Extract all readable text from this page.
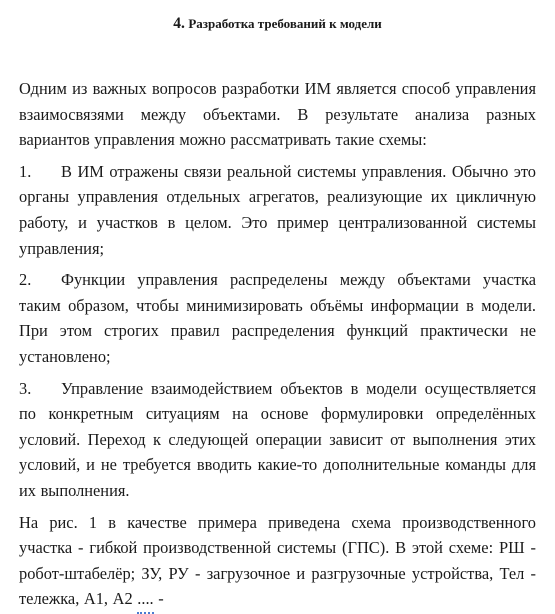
4. Разработка требований к модели

Одним из важных вопросов разработки ИМ является способ управления взаимосвязями между объектами. В результате анализа разных вариантов управления можно рассматривать такие схемы:

1. В ИМ отражены связи реальной системы управления. Обычно это органы управления отдельных агрегатов, реализующие их цикличную работу, и участков в целом. Это пример централизованной системы управления;

2. Функции управления распределены между объектами участка таким образом, чтобы минимизировать объёмы информации в модели. При этом строгих правил распределения функций практически не установлено;

3. Управление взаимодействием объектов в модели осуществляется по конкретным ситуациям на основе формулировки определённых условий. Переход к следующей операции зависит от выполнения этих условий, и не требуется вводить какие-то дополнительные команды для их выполнения.

На рис. 1 в качестве примера приведена схема производственного участка - гибкой производственной системы (ГПС). В этой схеме: РШ - робот-штабелёр; ЗУ, РУ - загрузочное и разгрузочные устройства, Тел - тележка, А1, А2 .... -
